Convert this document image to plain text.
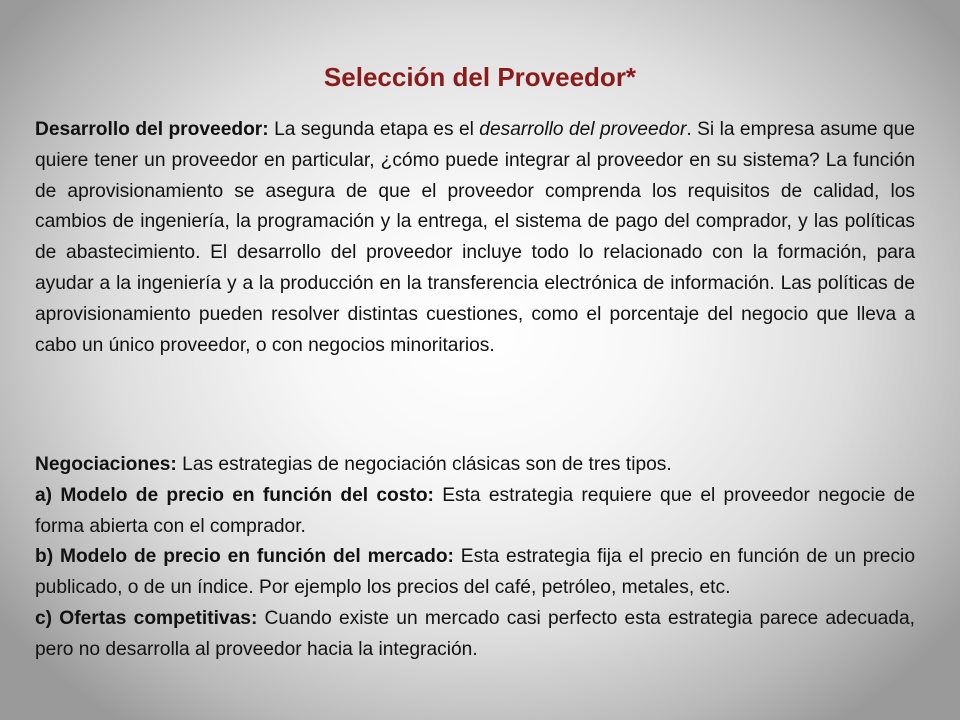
Selección del Proveedor*

Desarrollo del proveedor: La segunda etapa es el desarrollo del proveedor. Si la empresa asume que quiere tener un proveedor en particular, ¿cómo puede integrar al proveedor en su sistema? La función de aprovisionamiento se asegura de que el proveedor comprenda los requisitos de calidad, los cambios de ingeniería, la programación y la entrega, el sistema de pago del comprador, y las políticas de abastecimiento. El desarrollo del proveedor incluye todo lo relacionado con la formación, para ayudar a la ingeniería y a la producción en la transferencia electrónica de información. Las políticas de aprovisionamiento pueden resolver distintas cuestiones, como el porcentaje del negocio que lleva a cabo un único proveedor, o con negocios minoritarios.

Negociaciones: Las estrategias de negociación clásicas son de tres tipos.
a) Modelo de precio en función del costo: Esta estrategia requiere que el proveedor negocie de forma abierta con el comprador.
b) Modelo de precio en función del mercado: Esta estrategia fija el precio en función de un precio publicado, o de un índice. Por ejemplo los precios del café, petróleo, metales, etc.
c) Ofertas competitivas: Cuando existe un mercado casi perfecto esta estrategia parece adecuada, pero no desarrolla al proveedor hacia la integración.
